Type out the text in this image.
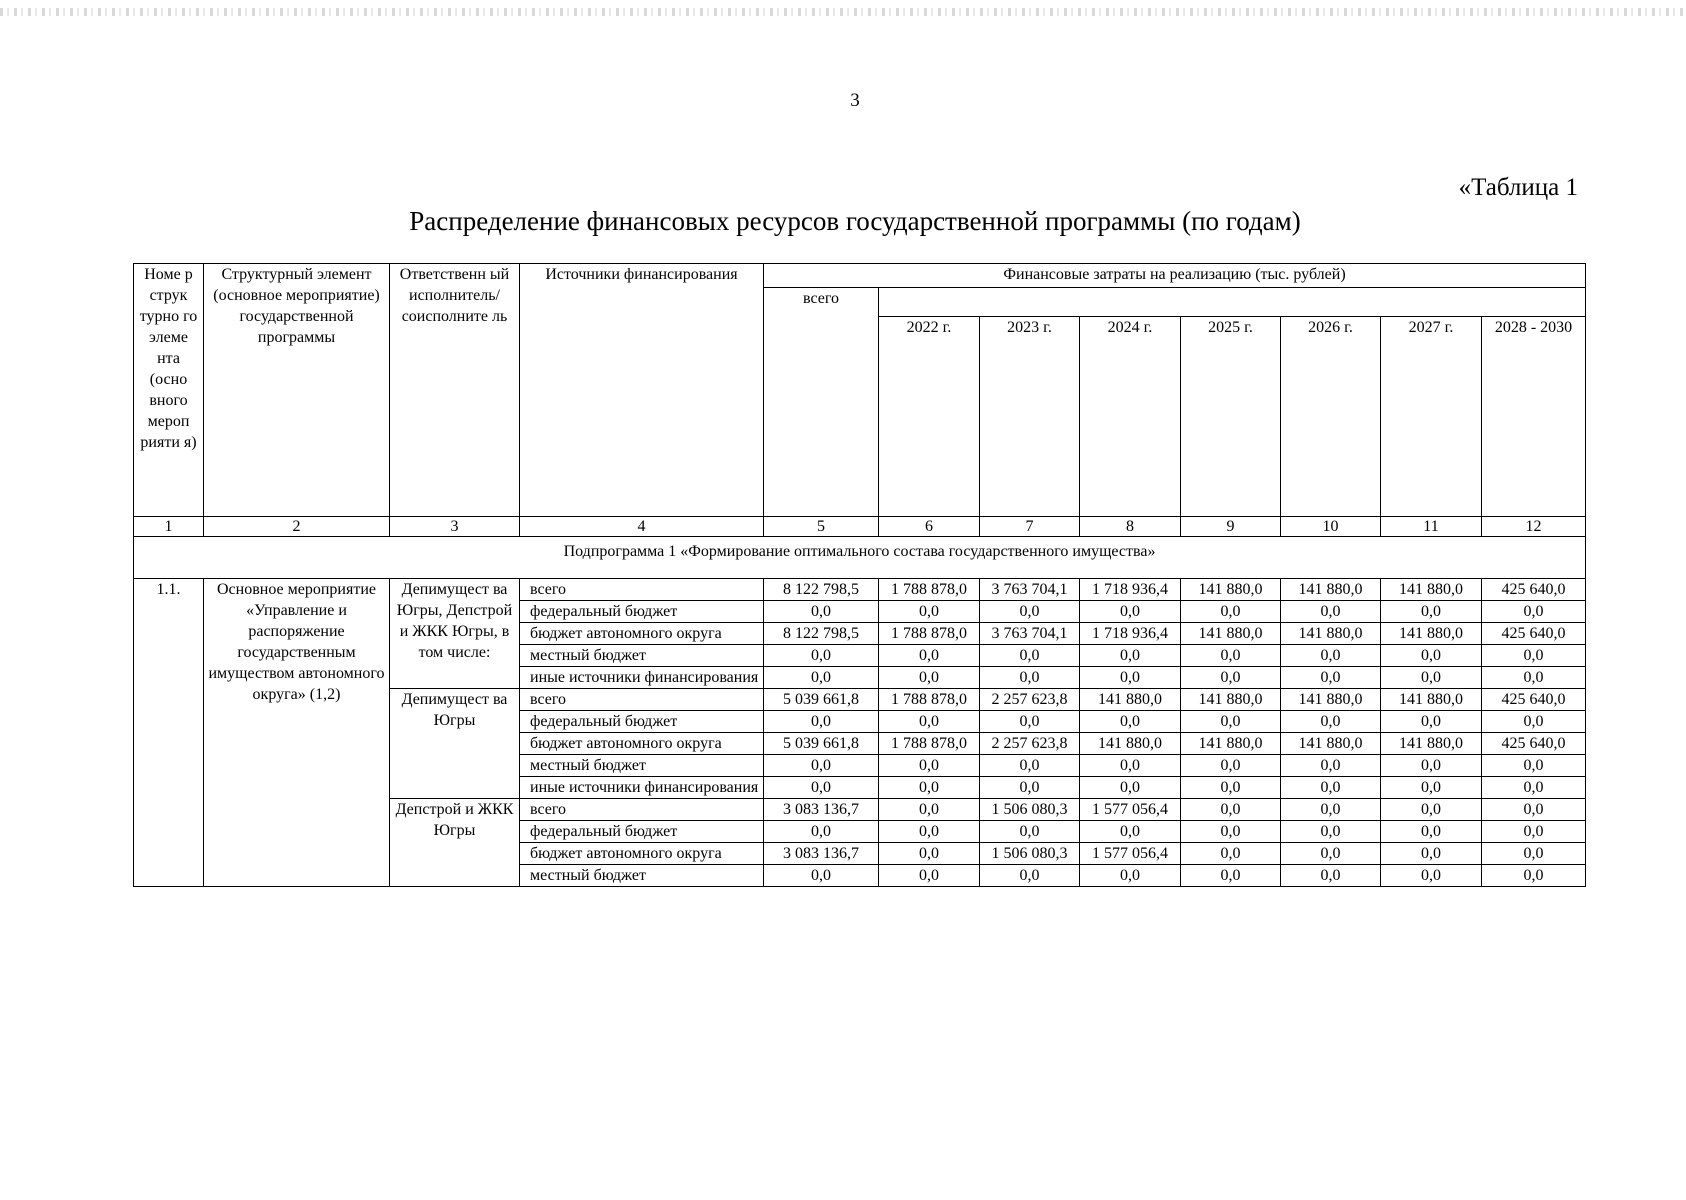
3
«Таблица 1
Распределение финансовых ресурсов государственной программы (по годам)
Номе р струк турно го элеме нта (осно вного мероп рияти я)	Структурный элемент (основное мероприятие) государственной программы	Ответственн ый исполнитель/ соисполните ль	Источники финансирования	Финансовые затраты на реализацию (тыс. рублей)							
				всего							
					2022 г.	2023 г.	2024 г.	2025 г.	2026 г.	2027 г.	2028 - 2030
1	2	3	4	5	6	7	8	9	10	11	12
Подпрограмма 1 «Формирование оптимального состава государственного имущества»											
1.1.	Основное мероприятие «Управление и распоряжение государственным имуществом автономного округа» (1,2)	Депимущест ва Югры, Депстрой и ЖКК Югры, в том числе:	всего	8 122 798,5	1 788 878,0	3 763 704,1	1 718 936,4	141 880,0	141 880,0	141 880,0	425 640,0
			федеральный бюджет	0,0	0,0	0,0	0,0	0,0	0,0	0,0	0,0
			бюджет автономного округа	8 122 798,5	1 788 878,0	3 763 704,1	1 718 936,4	141 880,0	141 880,0	141 880,0	425 640,0
			местный бюджет	0,0	0,0	0,0	0,0	0,0	0,0	0,0	0,0
			иные источники финансирования	0,0	0,0	0,0	0,0	0,0	0,0	0,0	0,0
		Депимущест ва Югры	всего	5 039 661,8	1 788 878,0	2 257 623,8	141 880,0	141 880,0	141 880,0	141 880,0	425 640,0
			федеральный бюджет	0,0	0,0	0,0	0,0	0,0	0,0	0,0	0,0
			бюджет автономного округа	5 039 661,8	1 788 878,0	2 257 623,8	141 880,0	141 880,0	141 880,0	141 880,0	425 640,0
			местный бюджет	0,0	0,0	0,0	0,0	0,0	0,0	0,0	0,0
			иные источники финансирования	0,0	0,0	0,0	0,0	0,0	0,0	0,0	0,0
		Депстрой и ЖКК Югры	всего	3 083 136,7	0,0	1 506 080,3	1 577 056,4	0,0	0,0	0,0	0,0
			федеральный бюджет	0,0	0,0	0,0	0,0	0,0	0,0	0,0	0,0
			бюджет автономного округа	3 083 136,7	0,0	1 506 080,3	1 577 056,4	0,0	0,0	0,0	0,0
			местный бюджет	0,0	0,0	0,0	0,0	0,0	0,0	0,0	0,0
